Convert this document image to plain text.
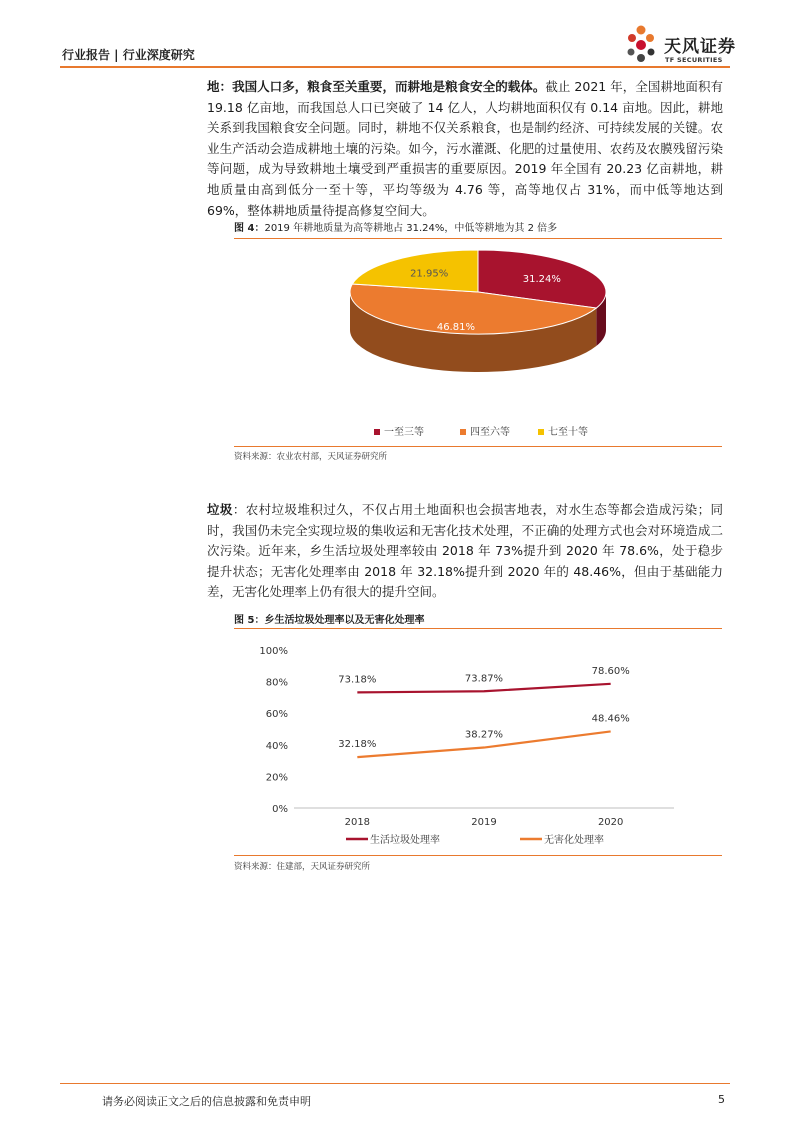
行业报告 | 行业深度研究	天风证券
TF SECURITIES
地：我国人口多，粮食至关重要，而耕地是粮食安全的载体。截止 2021 年，全国耕地面积有 19.18 亿亩地，而我国总人口已突破了 14 亿人，人均耕地面积仅有 0.14 亩地。因此，耕地关系到我国粮食安全问题。同时，耕地不仅关系粮食，也是制约经济、可持续发展的关键。农业生产活动会造成耕地土壤的污染。如今，污水灌溉、化肥的过量使用、农药及农膜残留污染等问题，成为导致耕地土壤受到严重损害的重要原因。2019 年全国有 20.23 亿亩耕地，耕地质量由高到低分一至十等，平均等级为 4.76 等，高等地仅占 31%，而中低等地达到 69%，整体耕地质量待提高修复空间大。
图 4：2019 年耕地质量为高等耕地占 31.24%，中低等耕地为其 2 倍多
31.24%
46.81%
21.95%
一至三等	四至六等	七至十等
资料来源：农业农村部，天风证券研究所
垃圾：农村垃圾堆积过久，不仅占用土地面积也会损害地表，对水生态等都会造成污染；同时，我国仍未完全实现垃圾的集收运和无害化技术处理，不正确的处理方式也会对环境造成二次污染。近年来，乡生活垃圾处理率较由 2018 年 73%提升到 2020 年 78.6%，处于稳步提升状态；无害化处理率由 2018 年 32.18%提升到 2020 年的 48.46%，但由于基础能力差，无害化处理率上仍有很大的提升空间。
图 5：乡生活垃圾处理率以及无害化处理率
0%
20%
40%
60%
80%
100%
2018	2019	2020
73.18%	73.87%
78.60%
32.18%
38.27%
48.46%
生活垃圾处理率	无害化处理率
资料来源：住建部，天风证券研究所
请务必阅读正文之后的信息披露和免责申明	5
